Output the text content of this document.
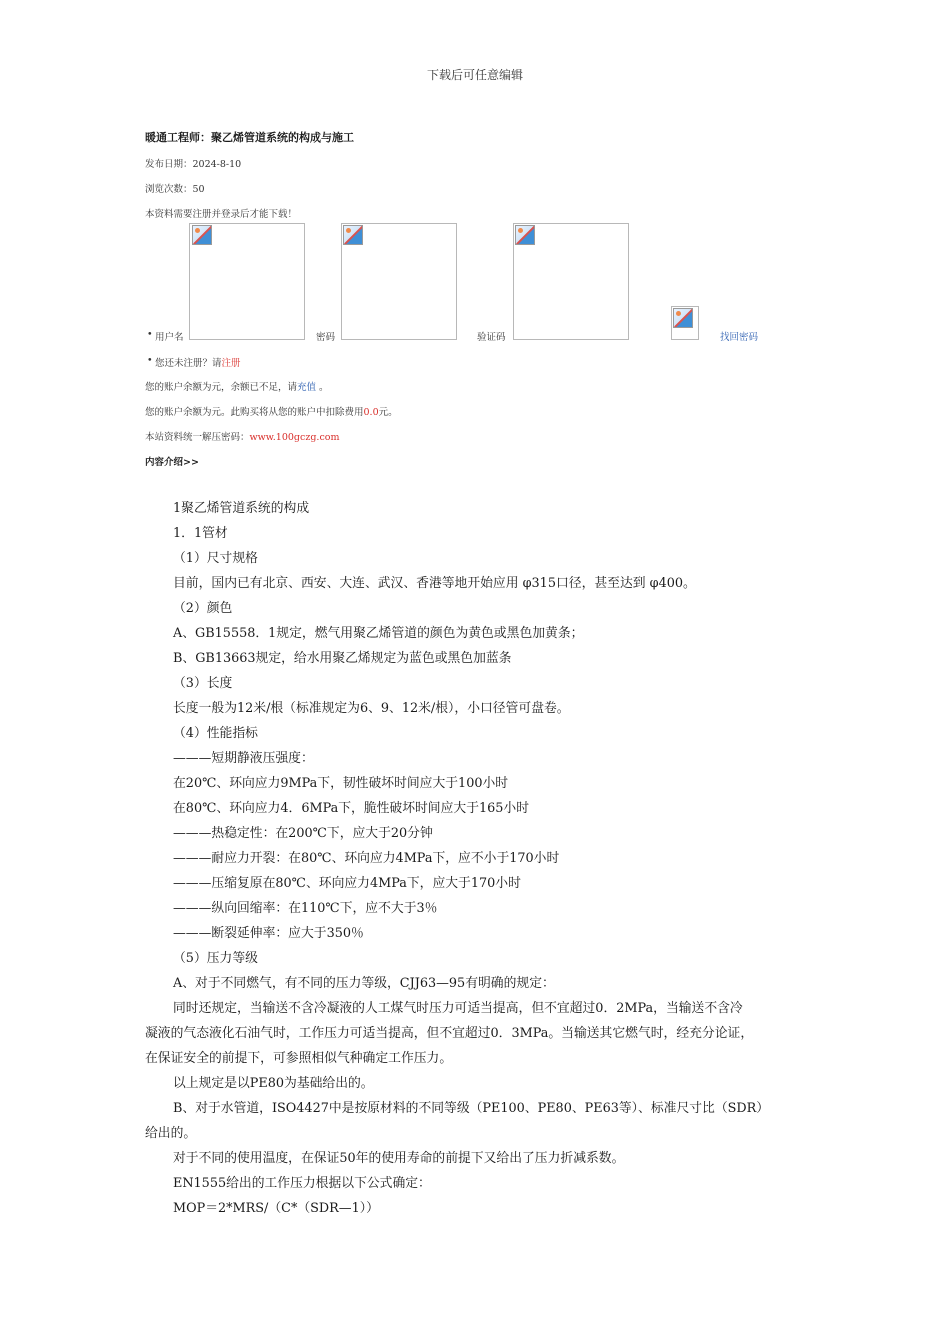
下载后可任意编辑
暖通工程师：聚乙烯管道系统的构成与施工
发布日期：2024-8-10
浏览次数：50
本资料需要注册并登录后才能下载！
• 用户名	密码	验证码	找回密码
• 您还未注册？请注册
您的账户余额为元，余额已不足，请充值 。
您的账户余额为元。此购买将从您的账户中扣除费用0.0元。
本站资料统一解压密码：www.100gczg.com
内容介绍>>
1聚乙烯管道系统的构成
1．1管材
（1）尺寸规格
目前，国内已有北京、西安、大连、武汉、香港等地开始应用 φ315口径，甚至达到 φ400。
（2）颜色
A、GB15558．1规定，燃气用聚乙烯管道的颜色为黄色或黑色加黄条；
B、GB13663规定，给水用聚乙烯规定为蓝色或黑色加蓝条
（3）长度
长度一般为12米/根（标准规定为6、9、12米/根），小口径管可盘卷。
（4）性能指标
———短期静液压强度：
在20℃、环向应力9MPa下，韧性破坏时间应大于100小时
在80℃、环向应力4．6MPa下，脆性破坏时间应大于165小时
———热稳定性：在200℃下，应大于20分钟
———耐应力开裂：在80℃、环向应力4MPa下，应不小于170小时
———压缩复原在80℃、环向应力4MPa下，应大于170小时
———纵向回缩率：在110℃下，应不大于3％
———断裂延伸率：应大于350％
（5）压力等级
A、对于不同燃气，有不同的压力等级，CJJ63—95有明确的规定：
同时还规定，当输送不含冷凝液的人工煤气时压力可适当提高，但不宜超过0．2MPa，当输送不含冷
凝液的气态液化石油气时，工作压力可适当提高，但不宜超过0．3MPa。当输送其它燃气时，经充分论证，
在保证安全的前提下，可参照相似气种确定工作压力。
以上规定是以PE80为基础给出的。
B、对于水管道，ISO4427中是按原材料的不同等级（PE100、PE80、PE63等）、标准尺寸比（SDR）
给出的。
对于不同的使用温度，在保证50年的使用寿命的前提下又给出了压力折减系数。
EN1555给出的工作压力根据以下公式确定：
MOP＝2*MRS/（C*（SDR—1））
